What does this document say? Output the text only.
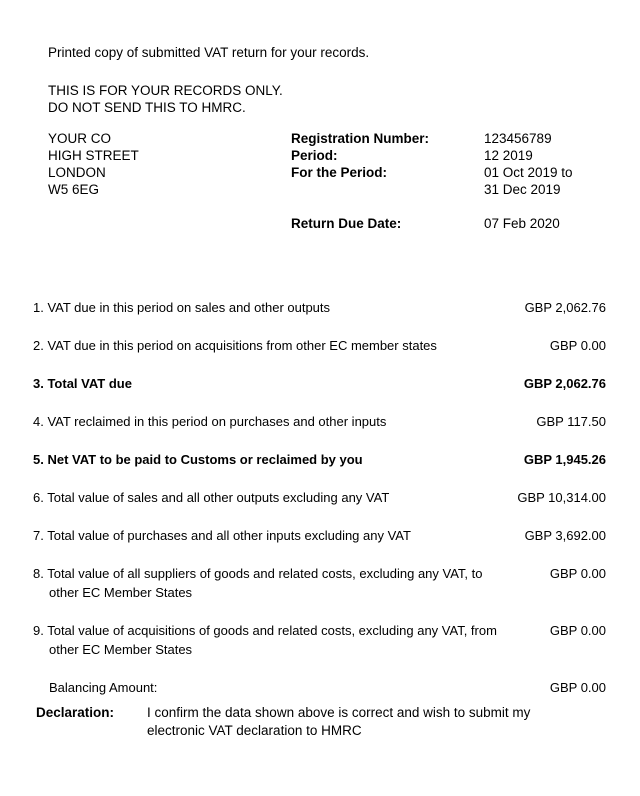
Printed copy of submitted VAT return for your records.

THIS IS FOR YOUR RECORDS ONLY.

DO NOT SEND THIS TO HMRC.

YOUR CO
HIGH STREET
LONDON
W5 6EG
Registration Number:	123456789
Period:	12 2019
For the Period:	01 Oct 2019 to
31 Dec 2019
Return Due Date:	07 Feb 2020
1. VAT due in this period on sales and other outputs	GBP 2,062.76
2. VAT due in this period on acquisitions from other EC member states	GBP 0.00
3. Total VAT due	GBP 2,062.76
4. VAT reclaimed in this period on purchases and other inputs	GBP 117.50
5. Net VAT to be paid to Customs or reclaimed by you	GBP 1,945.26
6. Total value of sales and all other outputs excluding any VAT	GBP 10,314.00
7. Total value of purchases and all other inputs excluding any VAT	GBP 3,692.00
8. Total value of all suppliers of goods and related costs, excluding any VAT, to other EC Member States
GBP 0.00
9. Total value of acquisitions of goods and related costs, excluding any VAT, from other EC Member States
GBP 0.00
Balancing Amount:	GBP 0.00
Declaration:	I confirm the data shown above is correct and wish to submit my electronic VAT declaration to HMRC
